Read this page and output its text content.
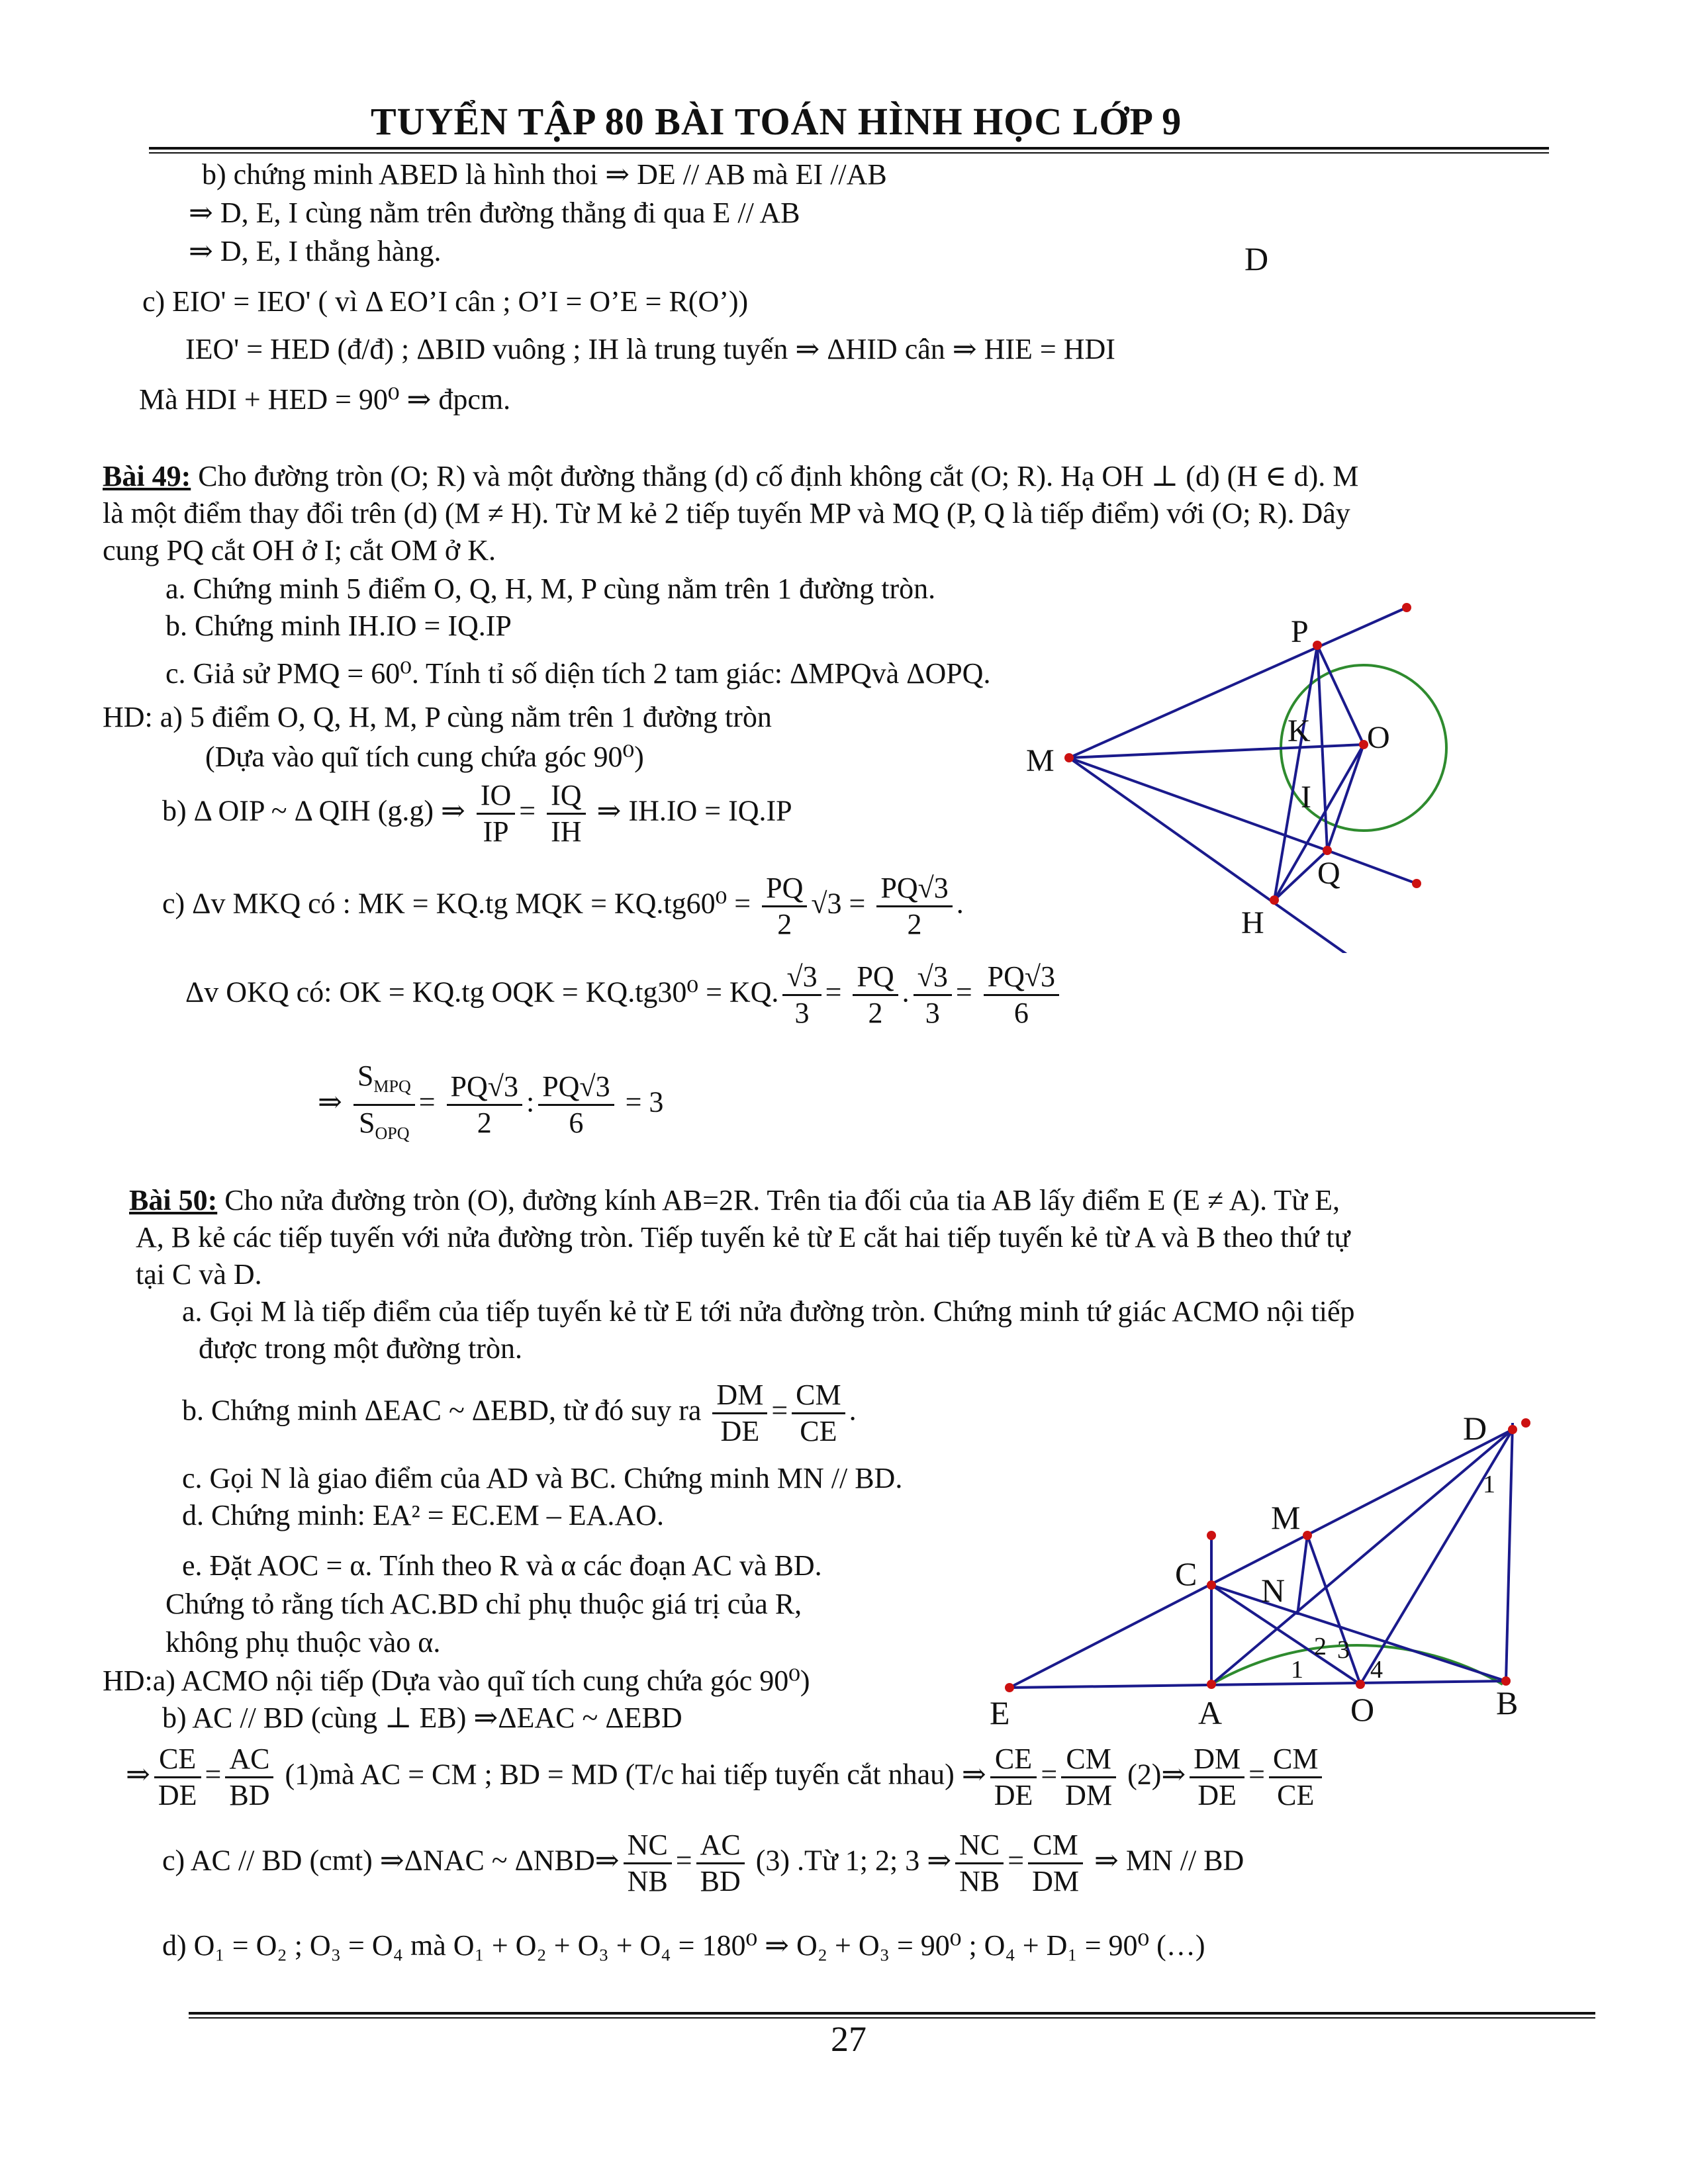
TUYỂN TẬP 80 BÀI TOÁN HÌNH HỌC LỚP 9
b) chứng minh ABED là hình thoi ⇒ DE // AB mà EI //AB
⇒ D, E, I cùng nằm trên đường thẳng đi qua E // AB
⇒ D, E, I thẳng hàng.	D
c) EIO' = IEO' ( vì Δ EO’I cân ; O’I = O’E = R(O’))
IEO' = HED (đ/đ) ; ΔBID vuông ; IH là trung tuyến ⇒ ΔHID cân ⇒ HIE = HDI
Mà HDI + HED = 90⁰ ⇒ đpcm.
Bài 49: Cho đường tròn (O; R) và một đường thẳng (d) cố định không cắt (O; R). Hạ OH ⊥ (d) (H ∈ d). M
là một điểm thay đổi trên (d) (M ≠ H). Từ M kẻ 2 tiếp tuyến MP và MQ (P, Q là tiếp điểm) với (O; R). Dây
cung PQ cắt OH ở I; cắt OM ở K.
a. Chứng minh 5 điểm O, Q, H, M, P cùng nằm trên 1 đường tròn.
b. Chứng minh IH.IO = IQ.IP
c. Giả sử PMQ = 60⁰. Tính tỉ số diện tích 2 tam giác: ΔMPQvà ΔOPQ.
HD: a) 5 điểm O, Q, H, M, P cùng nằm trên 1 đường tròn
(Dựa vào quĩ tích cung chứa góc 90⁰)
b) Δ OIP ~ Δ QIH (g.g) ⇒ $\frac{IO}{IP} = \frac{IQ}{IH}$ ⇒ IH.IO = IQ.IP
c) Δv MKQ có : MK = KQ.tg MQK = $KQ.tg60^0 = \frac{PQ}{2} √3 = \frac{PQ√3}{2}$ .
Δv OKQ có: OK = KQ.tg OQK = KQ.tg30⁰ = KQ. $\frac{√3}{3} = \frac{PQ}{2}$ . $\frac{√3}{3} = \frac{PQ√3}{6}$
⇒ $\frac{S_{MPQ}}{S_{OPQ}} = \frac{PQ√3}{2}$ : $\frac{PQ√3}{6} = 3$
P
K O
M
I
Q
H
Bài 50: Cho nửa đường tròn (O), đường kính AB=2R. Trên tia đối của tia AB lấy điểm E (E ≠ A). Từ E,
A, B kẻ các tiếp tuyến với nửa đường tròn. Tiếp tuyến kẻ từ E cắt hai tiếp tuyến kẻ từ A và B theo thứ tự
tại C và D.
a. Gọi M là tiếp điểm của tiếp tuyến kẻ từ E tới nửa đường tròn. Chứng minh tứ giác ACMO nội tiếp
được trong một đường tròn.
b. Chứng minh ΔEAC ~ ΔEBD, từ đó suy ra $\frac{DM}{DE} = \frac{CM}{CE}$ .
c. Gọi N là giao điểm của AD và BC. Chứng minh MN // BD.
d. Chứng minh: EA² = EC.EM – EA.AO.
e. Đặt AOC = α. Tính theo R và α các đoạn AC và BD.
Chứng tỏ rằng tích AC.BD chỉ phụ thuộc giá trị của R,
không phụ thuộc vào α.
HD:a) ACMO nội tiếp (Dựa vào quĩ tích cung chứa góc 90⁰)
b) AC // BD (cùng ⊥ EB) ⇒ΔEAC ~ ΔEBD
⇒ $\frac{CE}{DE} = \frac{AC}{BD}$ (1)mà AC = CM ; BD = MD (T/c hai tiếp tuyến cắt nhau) ⇒ $\frac{CE}{DE} = \frac{CM}{DM}$ (2)⇒ $\frac{DM}{DE} = \frac{CM}{CE}$
c) AC // BD (cmt) ⇒ΔNAC ~ ΔNBD⇒ $\frac{NC}{NB} = \frac{AC}{BD} (3)$ .Từ 1; 2; 3 ⇒ $\frac{NC}{NB} = \frac{CM}{DM}$ ⇒ MN // BD
d) O₁ = O₂ ; O₃ = O₄ mà O₁ + O₂ + O₃ + O₄ = 180⁰ ⇒ O₂ + O₃ = 90⁰ ; O₄ + D₁ = 90⁰ (…)
D
1
M
C N
2 3
4
1
E	A	O	B
27
